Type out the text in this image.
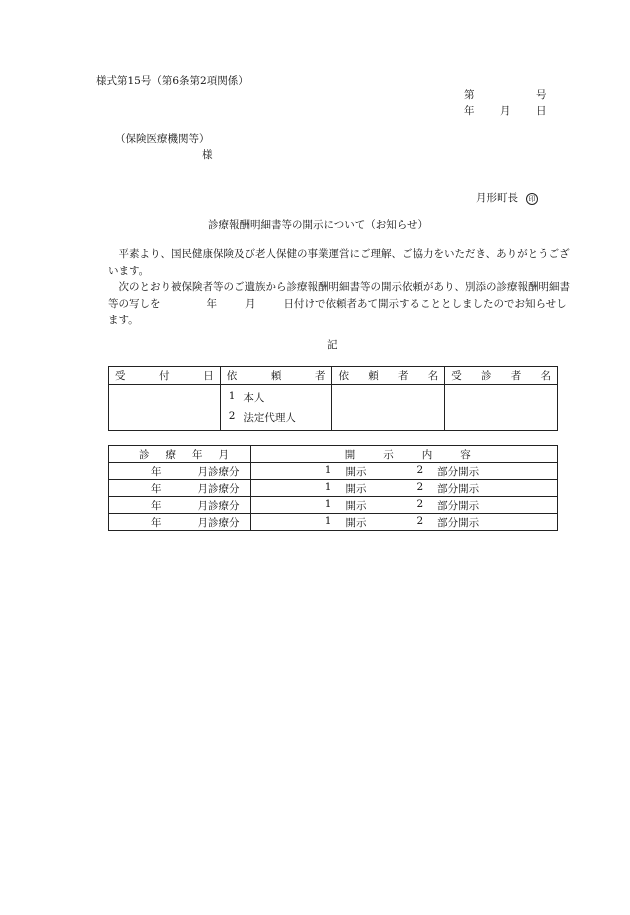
様式第15号（第6条第2項関係）
第	号
年 月 日
（保険医療機関等）
様
月形町長 印
診療報酬明細書等の開示について（お知らせ）

平素より、国民健康保険及び老人保健の事業運営にご理解、ご協力をいただき、ありがとうございます。

次のとおり被保険者等のご遺族から診療報酬明細書等の開示依頼があり、別添の診療報酬明細書等の写しを	年	月	日付けで依頼者あて開示することとしましたのでお知らせします。

記
受 付 日	依 頼 者	依 頼 者 名	受 診 者 名

	1 本人
2 法定代理人		

診 療 年 月	開 示 内 容

年 月診療分	1 開示 2 部分開示

年 月診療分	1 開示 2 部分開示

年 月診療分	1 開示 2 部分開示

年 月診療分	1 開示 2 部分開示
